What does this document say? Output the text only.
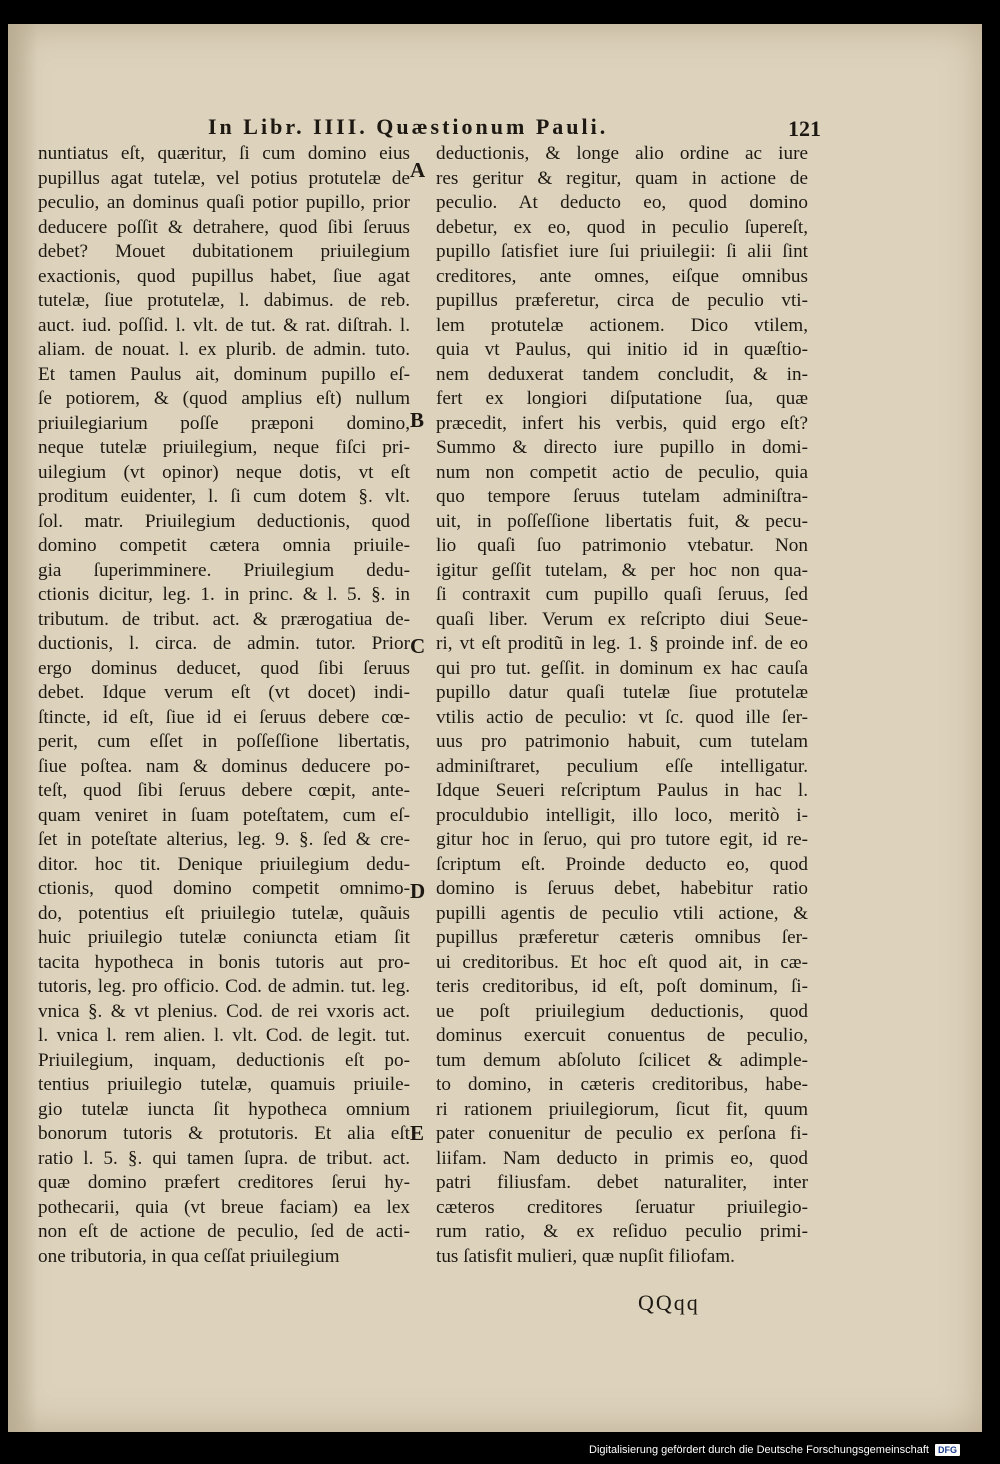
In Libr. IIII. Quæstionum Pauli.	121
nuntiatus eſt, quæritur, ſi cum domino eius
pupillus agat tutelæ, vel potius protutelæ de
peculio, an dominus quaſi potior pupillo, prior
deducere poſſit & detrahere, quod ſibi ſeruus
debet? Mouet dubitationem priuilegium
exactionis, quod pupillus habet, ſiue agat
tutelæ, ſiue protutelæ, l. dabimus. de reb.
auct. iud. poſſid. l. vlt. de tut. & rat. diſtrah. l.
aliam. de nouat. l. ex plurib. de admin. tuto.
Et tamen Paulus ait, dominum pupillo eſ-
ſe potiorem, & (quod amplius eſt) nullum
priuilegiarium poſſe præponi domino,
neque tutelæ priuilegium, neque fiſci pri-
uilegium (vt opinor) neque dotis, vt eſt
proditum euidenter, l. ſi cum dotem §. vlt.
ſol. matr. Priuilegium deductionis, quod
domino competit cætera omnia priuile-
gia ſuperimminere. Priuilegium dedu-
ctionis dicitur, leg. 1. in princ. & l. 5. §. in
tributum. de tribut. act. & prærogatiua de-
ductionis, l. circa. de admin. tutor. Prior
ergo dominus deducet, quod ſibi ſeruus
debet. Idque verum eſt (vt docet) indi-
ſtincte, id eſt, ſiue id ei ſeruus debere cœ-
perit, cum eſſet in poſſeſſione libertatis,
ſiue poſtea. nam & dominus deducere po-
teſt, quod ſibi ſeruus debere cœpit, ante-
quam veniret in ſuam poteſtatem, cum eſ-
ſet in poteſtate alterius, leg. 9. §. ſed & cre-
ditor. hoc tit. Denique priuilegium dedu-
ctionis, quod domino competit omnimo-
do, potentius eſt priuilegio tutelæ, quãuis
huic priuilegio tutelæ coniuncta etiam ſit
tacita hypotheca in bonis tutoris aut pro-
tutoris, leg. pro officio. Cod. de admin. tut. leg.
vnica §. & vt plenius. Cod. de rei vxoris act.
l. vnica l. rem alien. l. vlt. Cod. de legit. tut.
Priuilegium, inquam, deductionis eſt po-
tentius priuilegio tutelæ, quamuis priuile-
gio tutelæ iuncta ſit hypotheca omnium
bonorum tutoris & protutoris. Et alia eſt
ratio l. 5. §. qui tamen ſupra. de tribut. act.
quæ domino præfert creditores ſerui hy-
pothecarii, quia (vt breue faciam) ea lex
non eſt de actione de peculio, ſed de acti-
one tributoria, in qua ceſſat priuilegium
deductionis, & longe alio ordine ac iure
res geritur & regitur, quam in actione de
peculio. At deducto eo, quod domino
debetur, ex eo, quod in peculio ſupereſt,
pupillo ſatisfiet iure ſui priuilegii: ſi alii ſint
creditores, ante omnes, eiſque omnibus
pupillus præferetur, circa de peculio vti-
lem protutelæ actionem. Dico vtilem,
quia vt Paulus, qui initio id in quæſtio-
nem deduxerat tandem concludit, & in-
fert ex longiori diſputatione ſua, quæ
præcedit, infert his verbis, quid ergo eſt?
Summo & directo iure pupillo in domi-
num non competit actio de peculio, quia
quo tempore ſeruus tutelam adminiſtra-
uit, in poſſeſſione libertatis fuit, & pecu-
lio quaſi ſuo patrimonio vtebatur. Non
igitur geſſit tutelam, & per hoc non qua-
ſi contraxit cum pupillo quaſi ſeruus, ſed
quaſi liber. Verum ex reſcripto diui Seue-
ri, vt eſt proditũ in leg. 1. § proinde inf. de eo
qui pro tut. geſſit. in dominum ex hac cauſa
pupillo datur quaſi tutelæ ſiue protutelæ
vtilis actio de peculio: vt ſc. quod ille ſer-
uus pro patrimonio habuit, cum tutelam
adminiſtraret, peculium eſſe intelligatur.
Idque Seueri reſcriptum Paulus in hac l.
proculdubio intelligit, illo loco, meritò i-
gitur hoc in ſeruo, qui pro tutore egit, id re-
ſcriptum eſt. Proinde deducto eo, quod
domino is ſeruus debet, habebitur ratio
pupilli agentis de peculio vtili actione, &
pupillus præferetur cæteris omnibus ſer-
ui creditoribus. Et hoc eſt quod ait, in cæ-
teris creditoribus, id eſt, poſt dominum, ſi-
ue poſt priuilegium deductionis, quod
dominus exercuit conuentus de peculio,
tum demum abſoluto ſcilicet & adimple-
to domino, in cæteris creditoribus, habe-
ri rationem priuilegiorum, ſicut fit, quum
pater conuenitur de peculio ex perſona fi-
liifam. Nam deducto in primis eo, quod
patri filiusfam. debet naturaliter, inter
cæteros creditores ſeruatur priuilegio-
rum ratio, & ex reſiduo peculio primi-
tus ſatisfit mulieri, quæ nupſit filiofam.
A
B
C
D
E
QQqq
Digitalisierung gefördert durch die Deutsche Forschungsgemeinschaft	DFG
